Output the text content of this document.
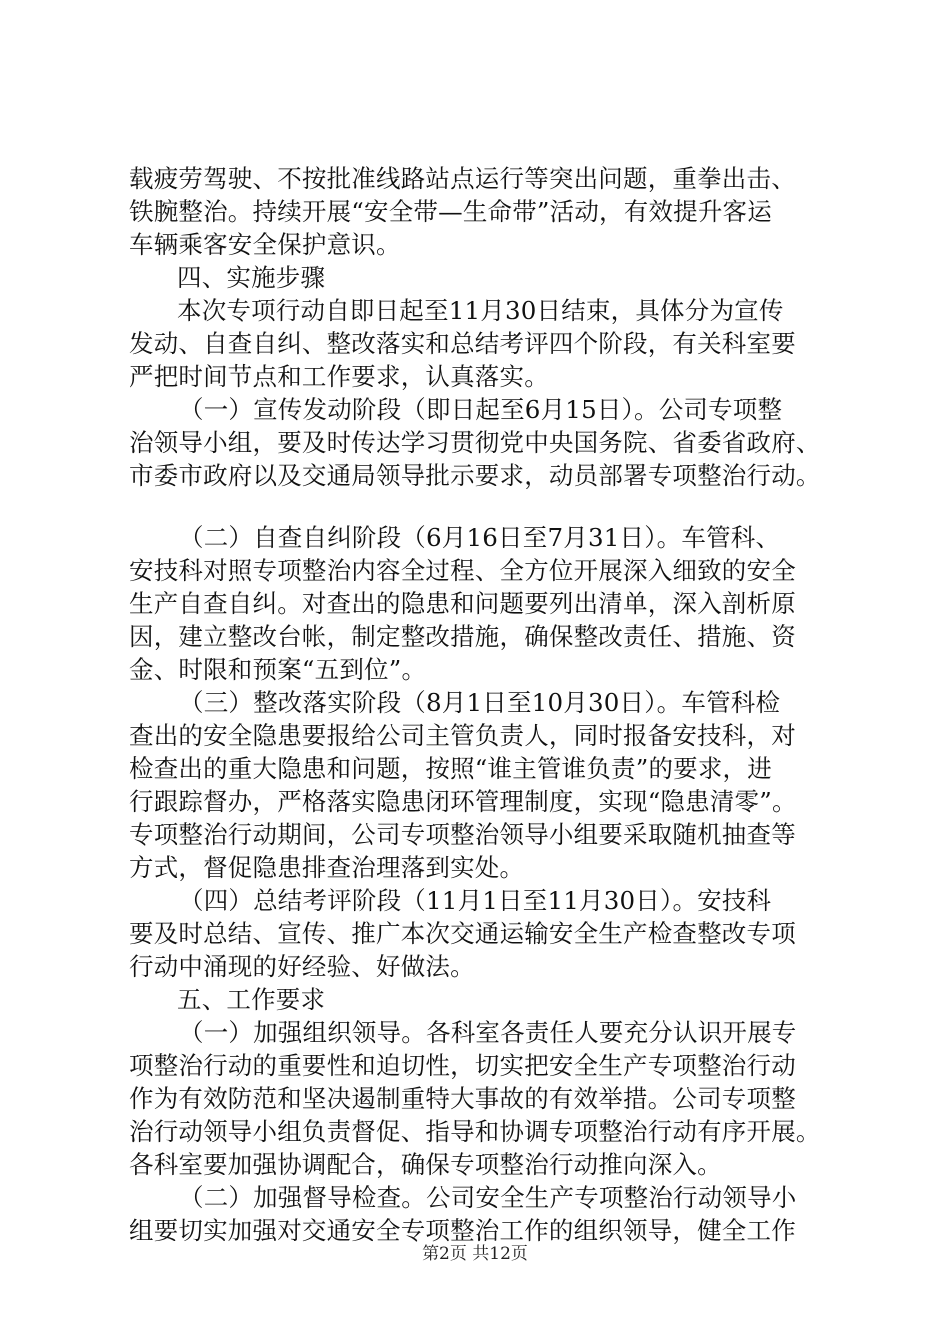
载疲劳驾驶、不按批准线路站点运行等突出问题，重拳出击、
铁腕整治。持续开展“安全带—生命带”活动，有效提升客运
车辆乘客安全保护意识。
四、实施步骤
本次专项行动自即日起至11月30日结束，具体分为宣传
发动、自查自纠、整改落实和总结考评四个阶段，有关科室要
严把时间节点和工作要求，认真落实。
（一）宣传发动阶段（即日起至6月15日）。公司专项整
治领导小组，要及时传达学习贯彻党中央国务院、省委省政府、
市委市政府以及交通局领导批示要求，动员部署专项整治行动。
（二）自查自纠阶段（6月16日至7月31日）。车管科、
安技科对照专项整治内容全过程、全方位开展深入细致的安全
生产自查自纠。对查出的隐患和问题要列出清单，深入剖析原
因，建立整改台帐，制定整改措施，确保整改责任、措施、资
金、时限和预案“五到位”。
（三）整改落实阶段（8月1日至10月30日）。车管科检
查出的安全隐患要报给公司主管负责人，同时报备安技科，对
检查出的重大隐患和问题，按照“谁主管谁负责”的要求，进
行跟踪督办，严格落实隐患闭环管理制度，实现“隐患清零”。
专项整治行动期间，公司专项整治领导小组要采取随机抽查等
方式，督促隐患排查治理落到实处。
（四）总结考评阶段（11月1日至11月30日）。安技科
要及时总结、宣传、推广本次交通运输安全生产检查整改专项
行动中涌现的好经验、好做法。
五、工作要求
（一）加强组织领导。各科室各责任人要充分认识开展专
项整治行动的重要性和迫切性，切实把安全生产专项整治行动
作为有效防范和坚决遏制重特大事故的有效举措。公司专项整
治行动领导小组负责督促、指导和协调专项整治行动有序开展。
各科室要加强协调配合，确保专项整治行动推向深入。
（二）加强督导检查。公司安全生产专项整治行动领导小
组要切实加强对交通安全专项整治工作的组织领导，健全工作
第2页 共12页
